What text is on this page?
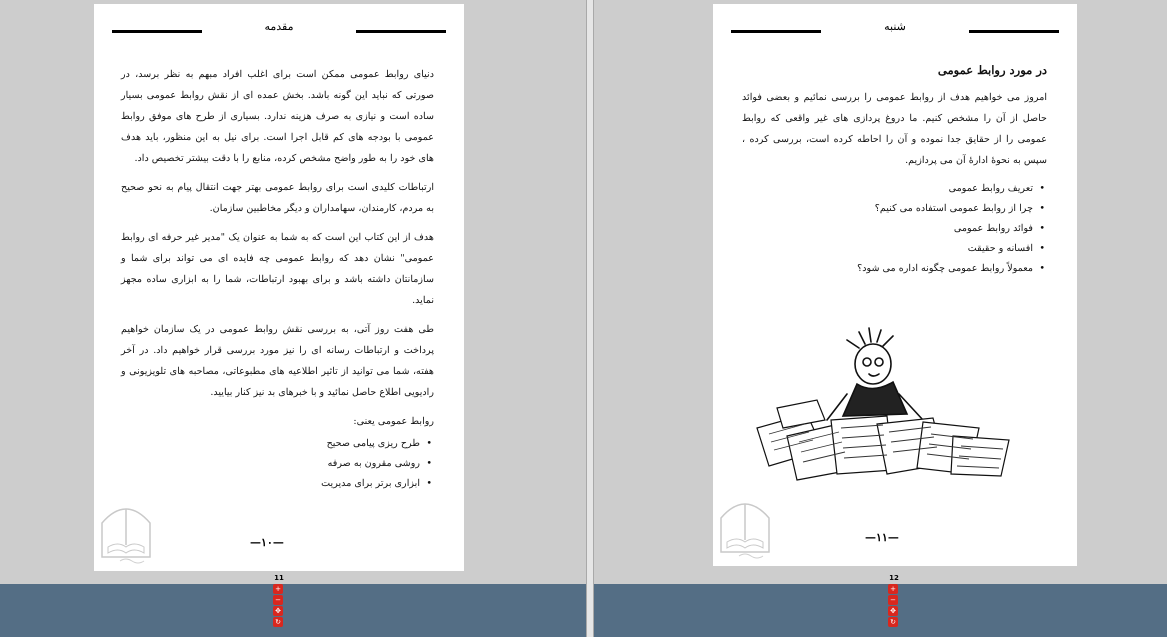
مقدمه

دنیای روابط عمومی ممکن است برای اغلب افراد مبهم به نظر برسد، در صورتی که نباید این گونه باشد. بخش عمده ای از نقش روابط عمومی بسیار ساده است و نیازی به صرف هزینه ندارد. بسیاری از طرح های موفق روابط عمومی با بودجه های کم قابل اجرا است. برای نیل به این منظور، باید هدف های خود را به طور واضح مشخص کرده، منابع را با دقت بیشتر تخصیص داد.

ارتباطات کلیدی است برای روابط عمومی بهتر جهت انتقال پیام به نحو صحیح به مردم، کارمندان، سهامداران و دیگر مخاطبین سازمان.

هدف از این کتاب این است که به شما به عنوان یک "مدیر غیر حرفه ای روابط عمومی" نشان دهد که روابط عمومی چه فایده ای می تواند برای شما و سازمانتان داشته باشد و برای بهبود ارتباطات، شما را به ابزاری ساده مجهز نماید.

طی هفت روز آتی، به بررسی نقش روابط عمومی در یک سازمان خواهیم پرداخت و ارتباطات رسانه ای را نیز مورد بررسی قرار خواهیم داد. در آخر هفته، شما می توانید از تاثیر اطلاعیه های مطبوعاتی، مصاحبه های تلویزیونی و رادیویی اطلاع حاصل نمائید و با خبرهای بد نیز کنار بیایید.

روابط عمومی یعنی:
• طرح ریزی پیامی صحیح
• روشی مقرون به صرفه
• ابزاری برتر برای مدیریت
—۱۰—
11
+
−
✥
↻
شنبه
در مورد روابط عمومی

امروز می خواهیم هدف از روابط عمومی را بررسی نمائیم و بعضی فوائد حاصل از آن را مشخص کنیم. ما دروغ پردازی های غیر واقعی که روابط عمومی را از حقایق جدا نموده و آن را احاطه کرده است، بررسی کرده ، سپس به نحوهٔ ادارهٔ آن می پردازیم.

• تعریف روابط عمومی
• چرا از روابط عمومی استفاده می کنیم؟
• فوائد روابط عمومی
• افسانه و حقیقت
• معمولاً روابط عمومی چگونه اداره می شود؟
—۱۱—
12
+
−
✥
↻
